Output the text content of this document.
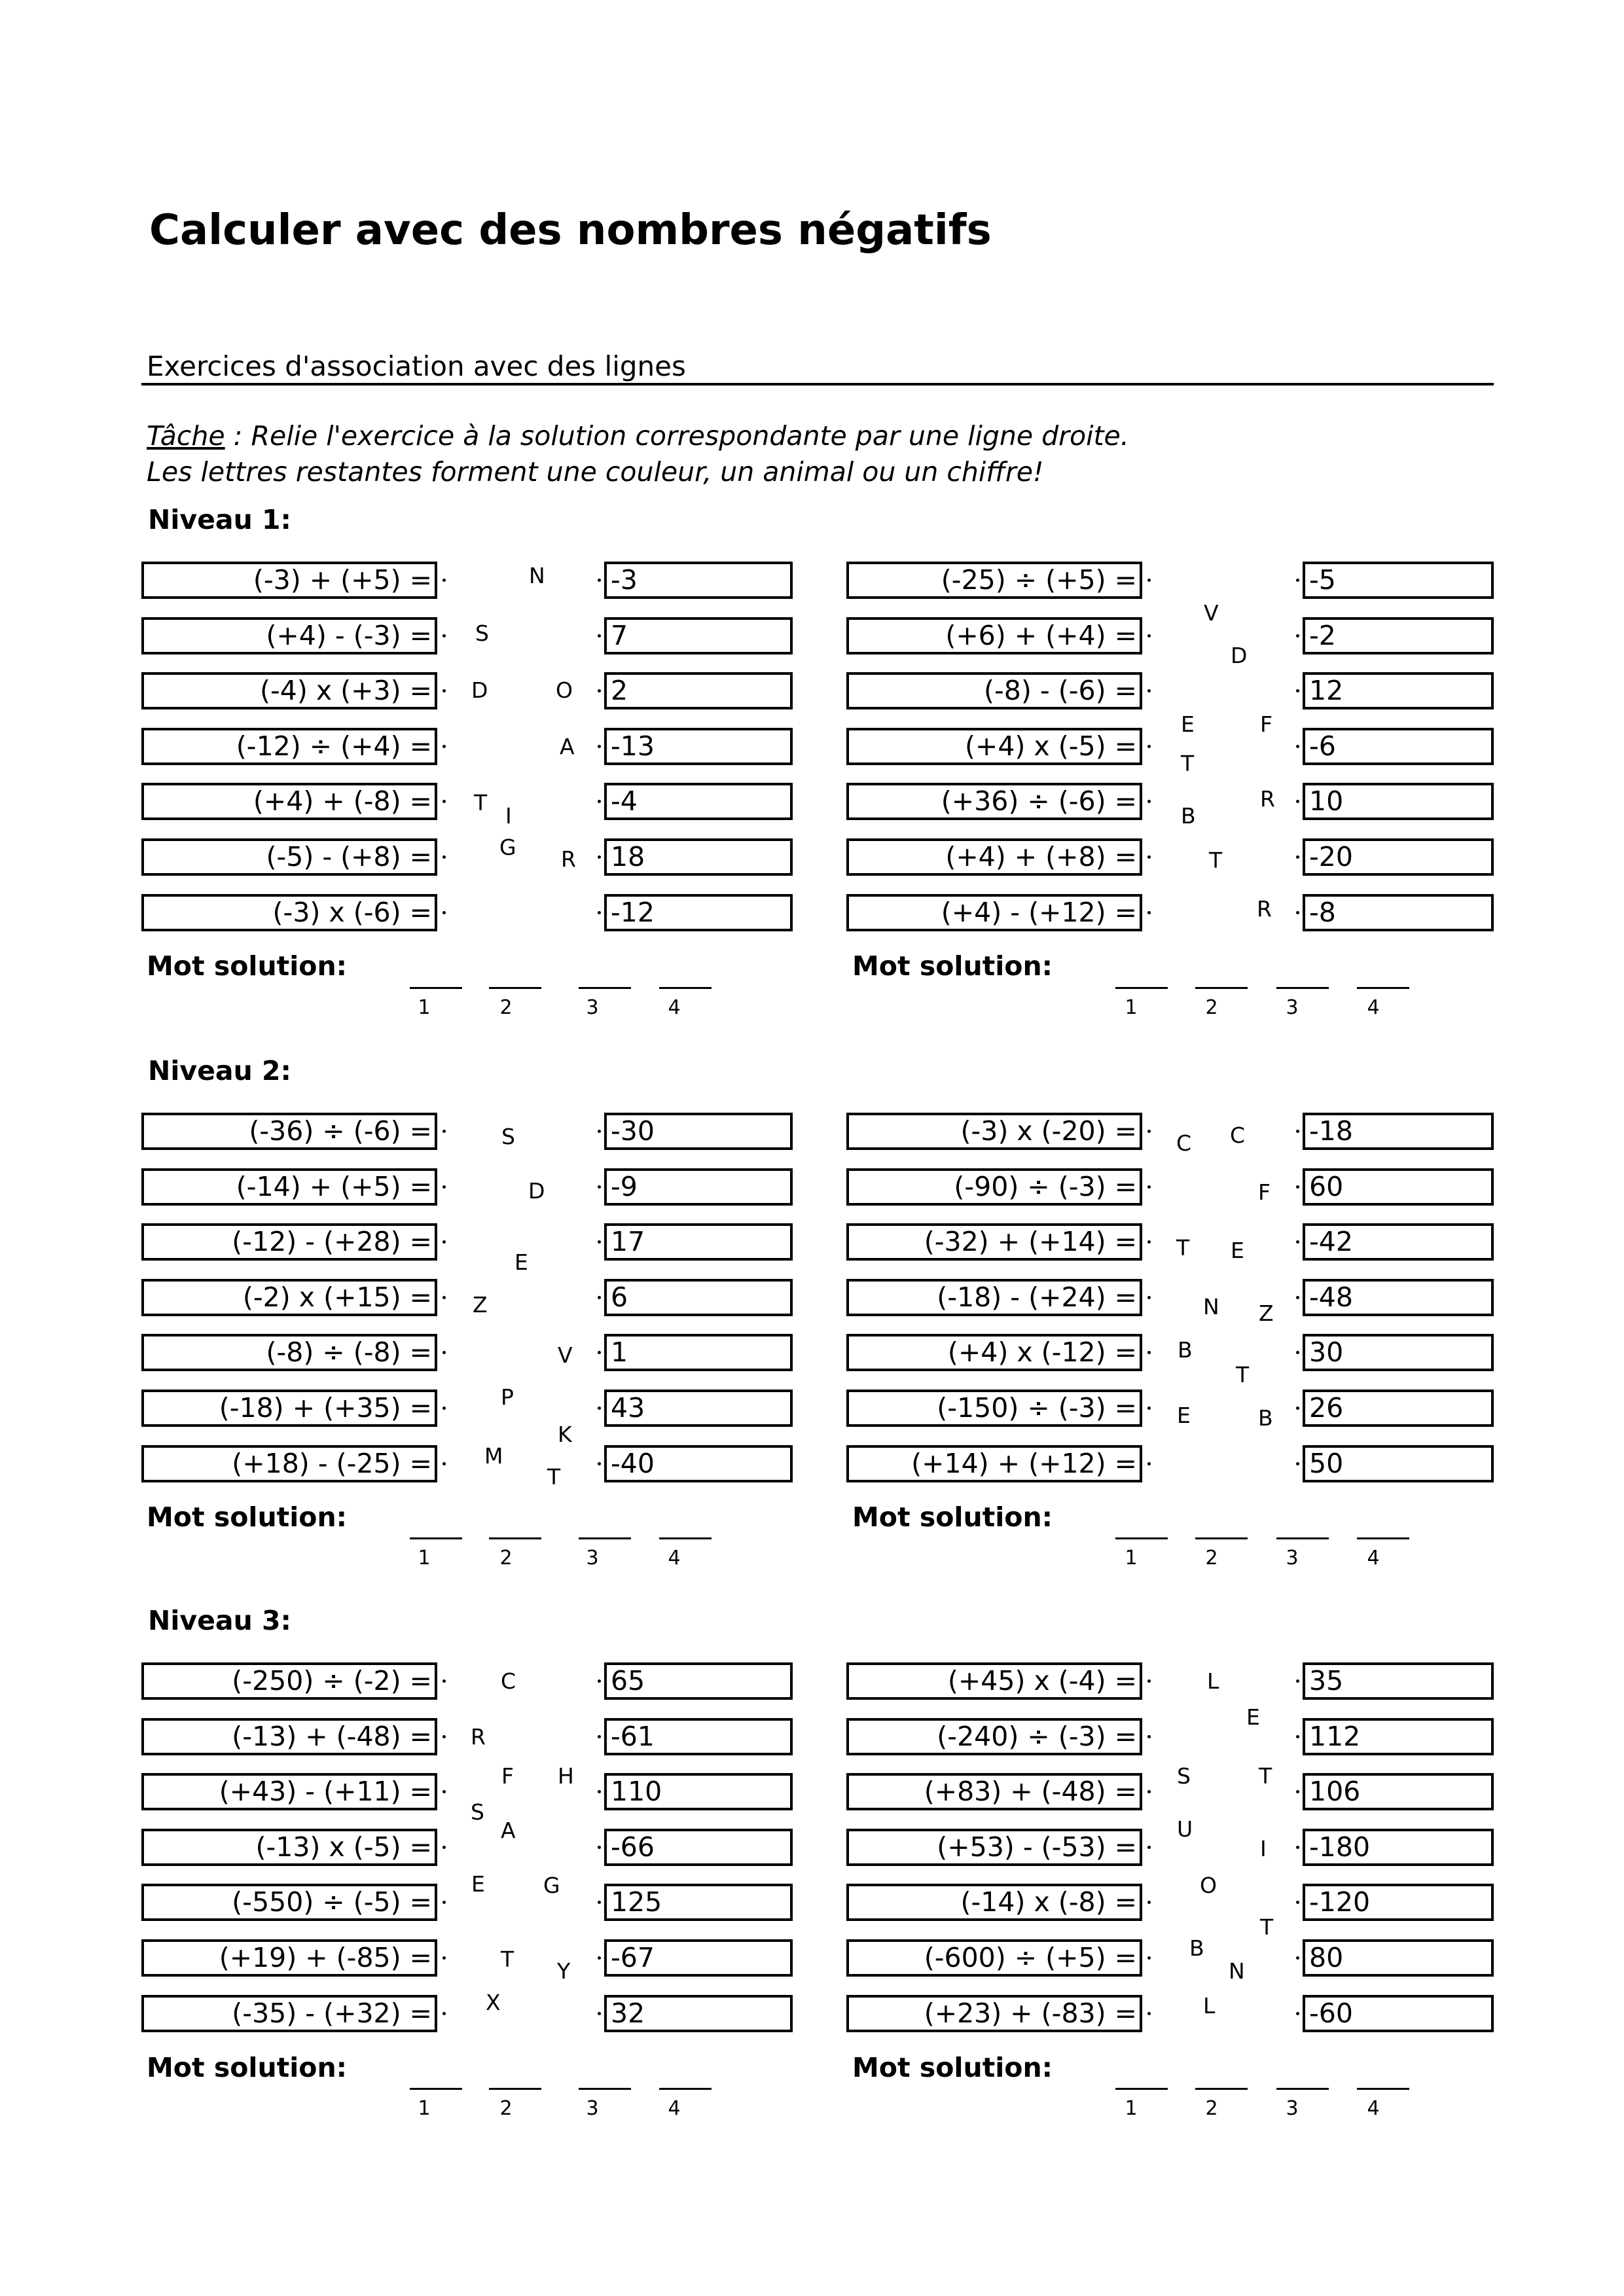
Calculer avec des nombres négatifs
Exercices d'association avec des lignes
Tâche : Relie l'exercice à la solution correspondante par une ligne droite.
Les lettres restantes forment une couleur, un animal ou un chiffre!
Niveau 1:
(-3) + (+5) =	-3
(+4) - (-3) =	7
(-4) x (+3) =	2
(-12) ÷ (+4) =	-13
(+4) + (-8) =	-4
(-5) - (+8) =	18
(-3) x (-6) =	-12
N
S
D	O
A
T
I
G R
Mot solution:
1	2	3	4
(-25) ÷ (+5) =	-5
(+6) + (+4) =	-2
(-8) - (-6) =	12
(+4) x (-5) =	-6
(+36) ÷ (-6) =	10
(+4) + (+8) =	-20
(+4) - (+12) =	-8
V
D
E	F
T
R
B
T
R
Mot solution:
1	2	3	4
Niveau 2:
(-36) ÷ (-6) =	-30
(-14) + (+5) =	-9
(-12) - (+28) =	17
(-2) x (+15) =	6
(-8) ÷ (-8) =	1
(-18) + (+35) =	43
(+18) - (-25) =	-40
S
D
E
Z
V
P
K
M
T
Mot solution:
1	2	3	4
(-3) x (-20) =	-18
(-90) ÷ (-3) =	60
(-32) + (+14) =	-42
(-18) - (+24) =	-48
(+4) x (-12) =	30
(-150) ÷ (-3) =	26
(+14) + (+12) =	50
C C
F
T E
N Z
B
T
E	B
Mot solution:
1	2	3	4
Niveau 3:
(-250) ÷ (-2) =	65
(-13) + (-48) =	-61
(+43) - (+11) =	110
(-13) x (-5) =	-66
(-550) ÷ (-5) =	125
(+19) + (-85) =	-67
(-35) - (+32) =	32
C
R
F H
S
A
E	G
T Y
X
Mot solution:
1	2	3	4
(+45) x (-4) =	35
(-240) ÷ (-3) =	112
(+83) + (-48) =	106
(+53) - (-53) =	-180
(-14) x (-8) =	-120
(-600) ÷ (+5) =	80
(+23) + (-83) =	-60
L
E
S	T
U
I
O
T
B
N
L
Mot solution:
1	2	3	4
